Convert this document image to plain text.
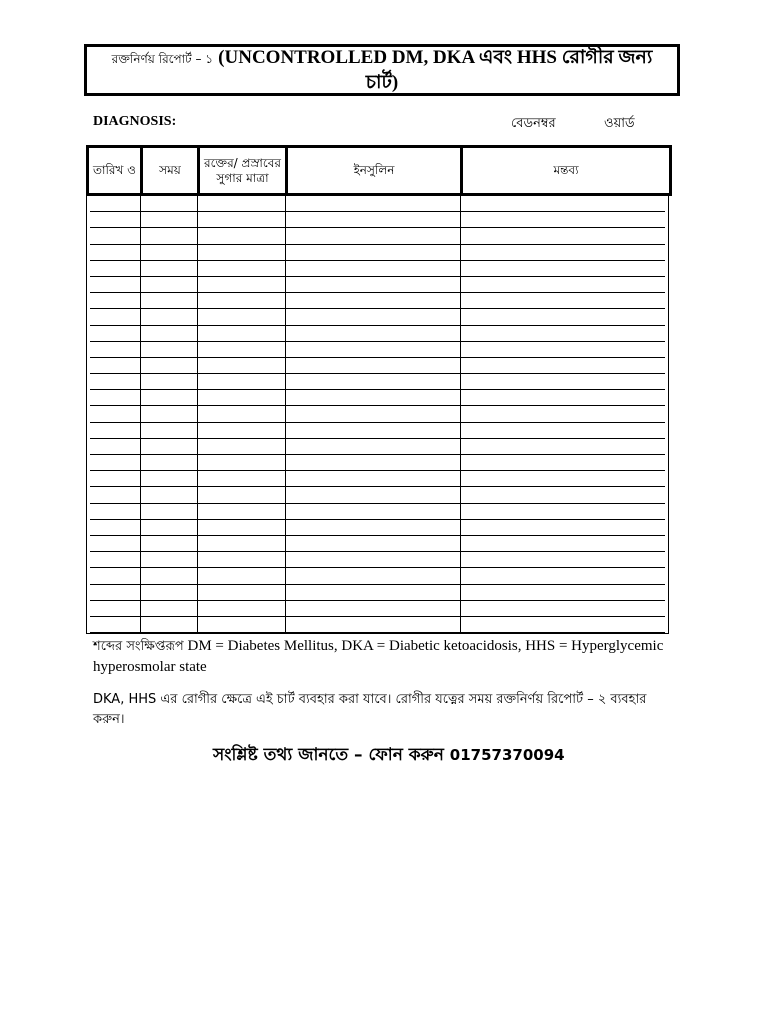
রক্তনির্ণয় রিপোর্ট – ১ (UNCONTROLLED DM, DKA এবং HHS রোগীর জন্য
চার্ট)
DIAGNOSIS:	বেডনম্বর	ওয়ার্ড
তারিখ ও	সময়	রক্তের/ প্রস্রাবের সুগার মাত্রা	ইনসুলিন	মন্তব্য

শব্দের সংক্ষিপ্তরূপ DM = Diabetes Mellitus, DKA = Diabetic ketoacidosis, HHS = Hyperglycemic hyperosmolar state
DKA, HHS এর রোগীর ক্ষেত্রে এই চার্ট ব্যবহার করা যাবে। রোগীর যত্নের সময় রক্তনির্ণয় রিপোর্ট – ২ ব্যবহার করুন।
সংশ্লিষ্ট তথ্য জানতে – ফোন করুন 01757370094
